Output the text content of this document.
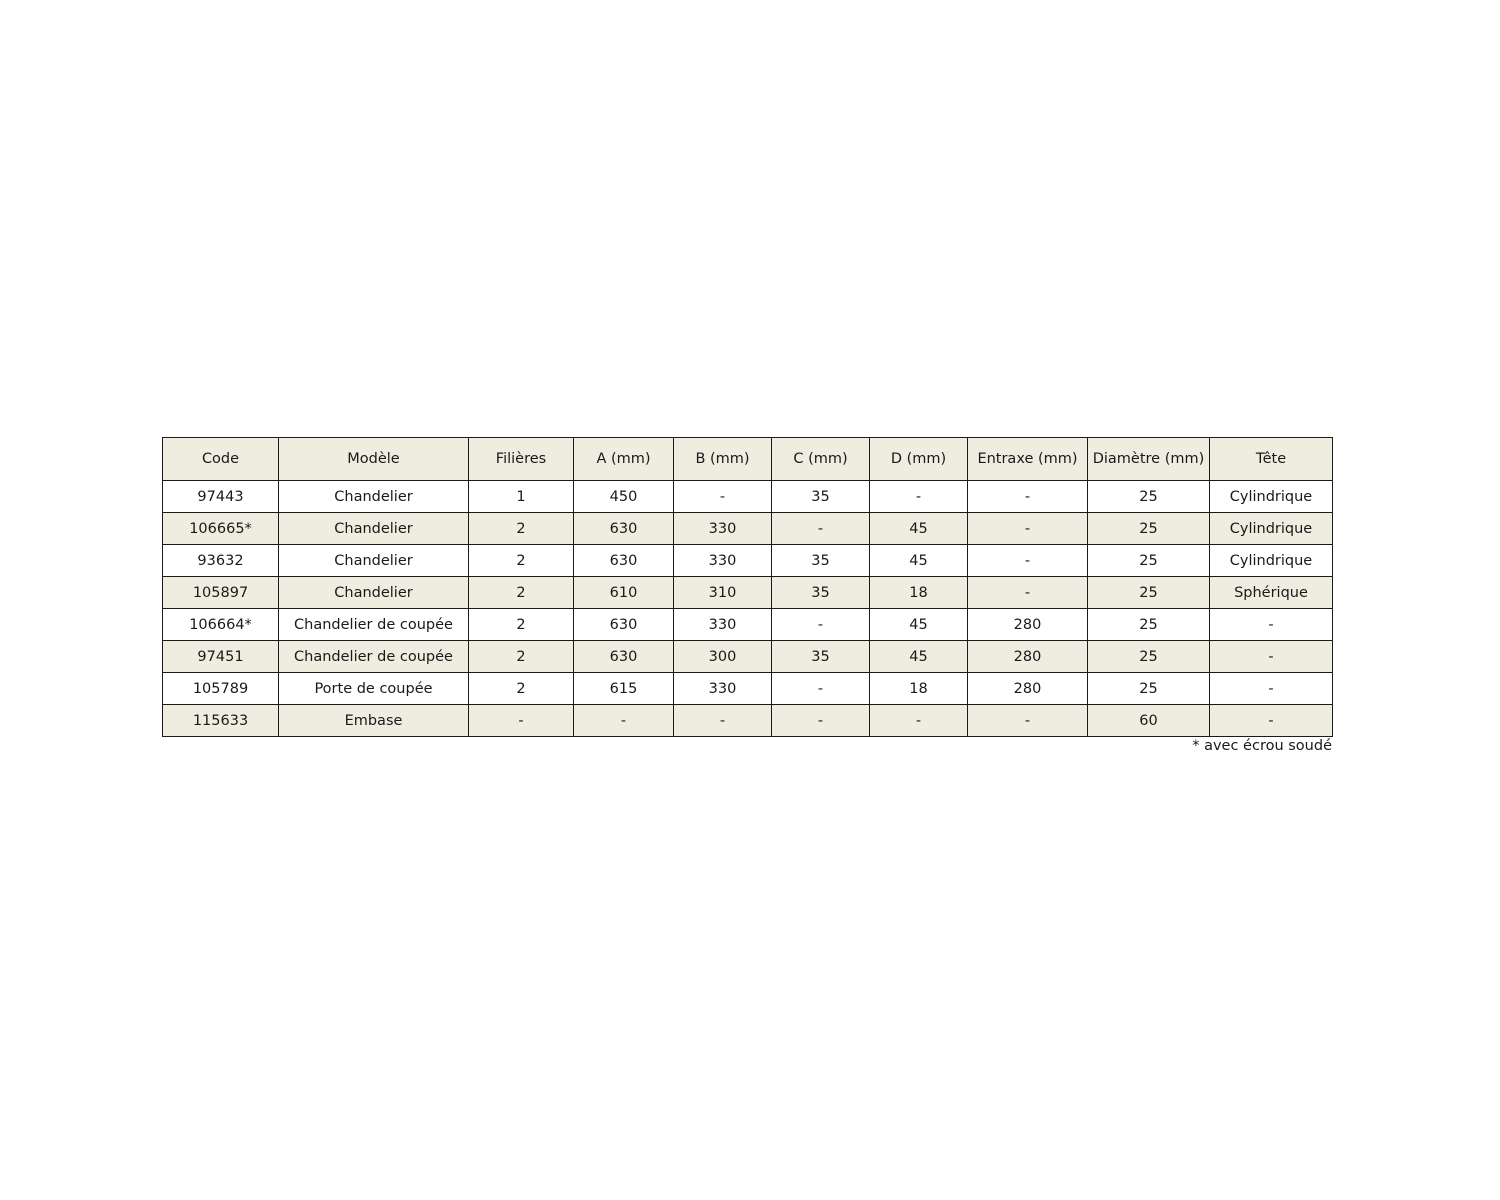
Code	Modèle	Filières	A (mm)	B (mm)	C (mm)	D (mm)	Entraxe (mm)	Diamètre (mm)	Tête
97443	Chandelier	1	450	-	35	-	-	25	Cylindrique
106665*	Chandelier	2	630	330	-	45	-	25	Cylindrique
93632	Chandelier	2	630	330	35	45	-	25	Cylindrique
105897	Chandelier	2	610	310	35	18	-	25	Sphérique
106664*	Chandelier de coupée	2	630	330	-	45	280	25	-
97451	Chandelier de coupée	2	630	300	35	45	280	25	-
105789	Porte de coupée	2	615	330	-	18	280	25	-
115633	Embase	-	-	-	-	-	-	60	-
* avec écrou soudé
